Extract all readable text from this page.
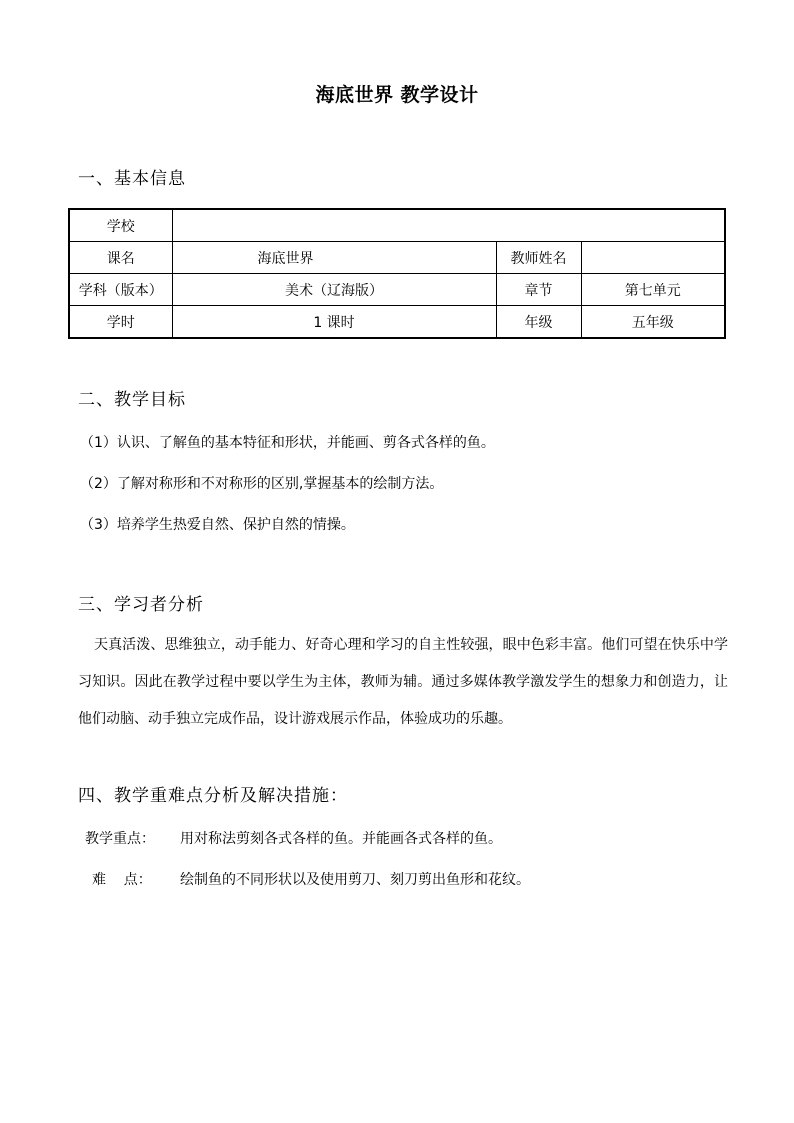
海底世界 教学设计
一、基本信息
学校			
课名	海底世界	教师姓名	
学科（版本）	美术（辽海版）	章节	第七单元
学时	1 课时	年级	五年级
二、教学目标
（1）认识、了解鱼的基本特征和形状，并能画、剪各式各样的鱼。
（2）了解对称形和不对称形的区别,掌握基本的绘制方法。
（3）培养学生热爱自然、保护自然的情操。
三、学习者分析
天真活泼、思维独立，动手能力、好奇心理和学习的自主性较强，眼中色彩丰富。他们可望在快乐中学习知识。因此在教学过程中要以学生为主体，教师为辅。通过多媒体教学激发学生的想象力和创造力，让他们动脑、动手独立完成作品，设计游戏展示作品，体验成功的乐趣。
四、教学重难点分析及解决措施：
教学重点： 用对称法剪刻各式各样的鱼。并能画各式各样的鱼。
难    点： 绘制鱼的不同形状以及使用剪刀、刻刀剪出鱼形和花纹。
